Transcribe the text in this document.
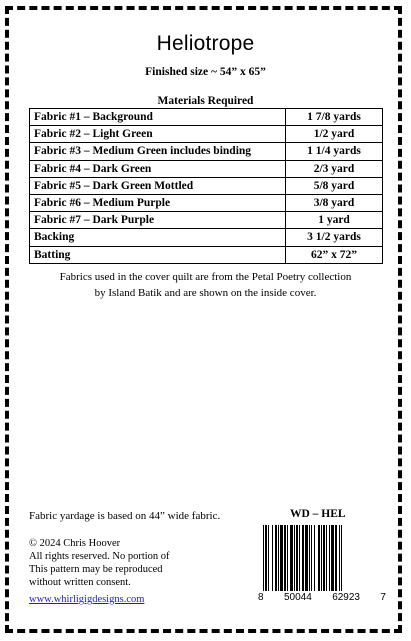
Heliotrope
Finished size ~ 54” x 65”
Materials Required
Fabric #1 – Background	1 7/8 yards
Fabric #2 – Light Green	1/2 yard
Fabric #3 – Medium Green includes binding	1 1/4 yards
Fabric #4 – Dark Green	2/3 yard
Fabric #5 – Dark Green Mottled	5/8 yard
Fabric #6 – Medium Purple	3/8 yard
Fabric #7 – Dark Purple	1 yard
Backing	3 1/2 yards
Batting	62” x 72”
Fabrics used in the cover quilt are from the Petal Poetry collection
by Island Batik and are shown on the inside cover.
Fabric yardage is based on 44” wide fabric.	WD – HEL
© 2024 Chris Hoover
All rights reserved. No portion of
This pattern may be reproduced
without written consent.
www.whirligigdesigns.com	8 50044 62923 7
